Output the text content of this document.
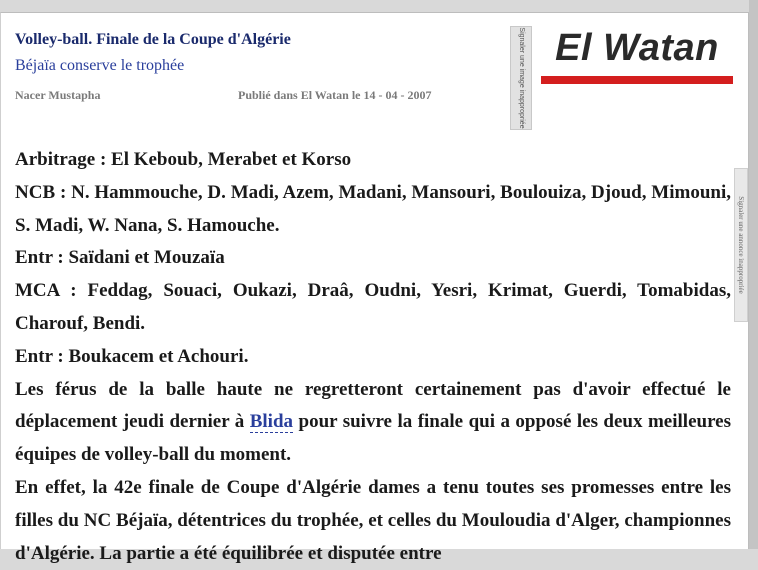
Volley-ball. Finale de la Coupe d'Algérie
Béjaïa conserve le trophée
Nacer Mustapha	Publié dans El Watan le 14 - 04 - 2007	Signaler une image inappropriée El Watan

Arbitrage : El Keboub, Merabet et Korso

NCB : N. Hammouche, D. Madi, Azem, Madani, Mansouri, Boulouiza, Djoud, Mimouni, S. Madi, W. Nana, S. Hamouche.

Entr : Saïdani et Mouzaïa

MCA : Feddag, Souaci, Oukazi, Draâ, Oudni, Yesri, Krimat, Guerdi, Tomabidas, Charouf, Bendi.

Entr : Boukacem et Achouri.

Les férus de la balle haute ne regretteront certainement pas d'avoir effectué le déplacement jeudi dernier à Blida pour suivre la finale qui a opposé les deux meilleures équipes de volley-ball du moment.

En effet, la 42e finale de Coupe d'Algérie dames a tenu toutes ses promesses entre les filles du NC Béjaïa, détentrices du trophée, et celles du Mouloudia d'Alger, championnes d'Algérie. La partie a été équilibrée et disputée entre

Signaler une annonce inappropriée
